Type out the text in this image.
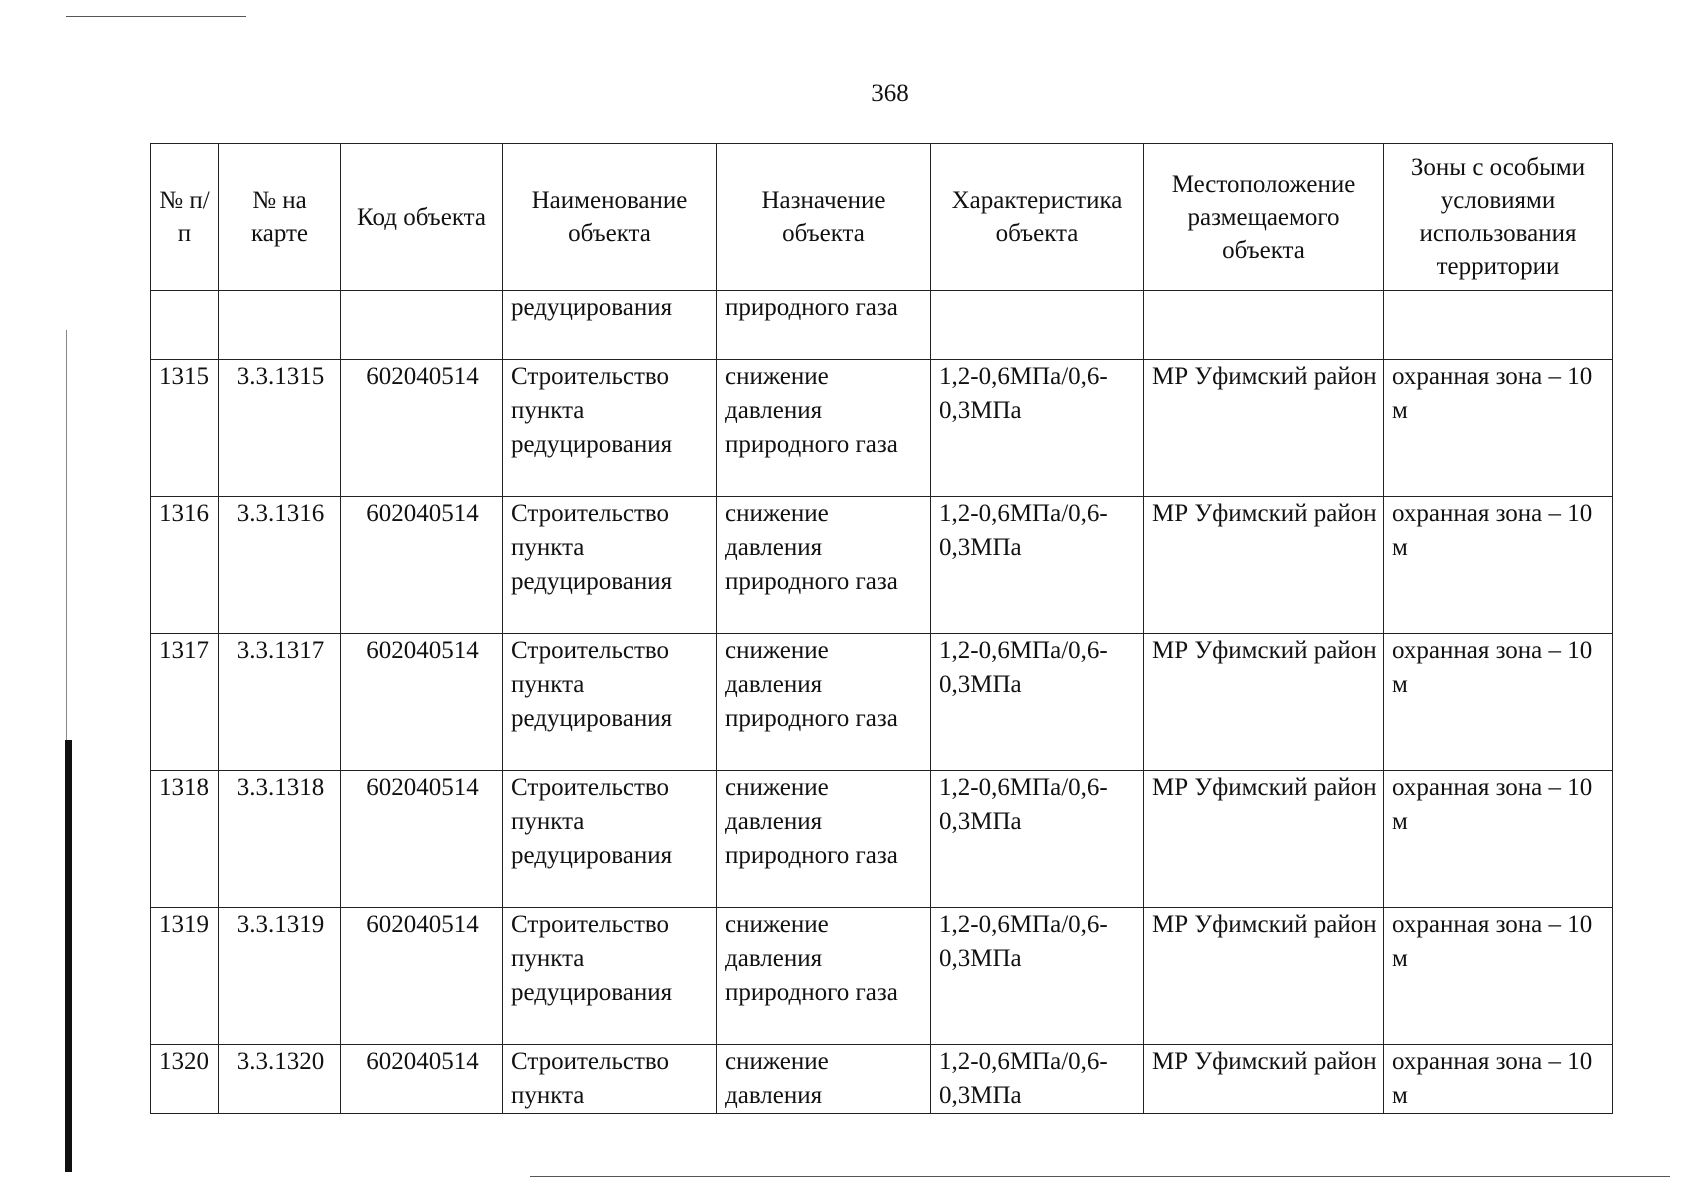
368
№ п/п	№ на карте	Код объекта	Наименование объекта	Назначение объекта	Характеристика объекта	Местоположение размещаемого объекта	Зоны с особыми условиями использования территории
			редуцирования	природного газа			
1315	3.3.1315	602040514	Строительство пункта редуцирования	снижение давления природного газа	1,2-0,6МПа/0,6-0,3МПа	МР Уфимский район	охранная зона – 10 м
1316	3.3.1316	602040514	Строительство пункта редуцирования	снижение давления природного газа	1,2-0,6МПа/0,6-0,3МПа	МР Уфимский район	охранная зона – 10 м
1317	3.3.1317	602040514	Строительство пункта редуцирования	снижение давления природного газа	1,2-0,6МПа/0,6-0,3МПа	МР Уфимский район	охранная зона – 10 м
1318	3.3.1318	602040514	Строительство пункта редуцирования	снижение давления природного газа	1,2-0,6МПа/0,6-0,3МПа	МР Уфимский район	охранная зона – 10 м
1319	3.3.1319	602040514	Строительство пункта редуцирования	снижение давления природного газа	1,2-0,6МПа/0,6-0,3МПа	МР Уфимский район	охранная зона – 10 м
1320	3.3.1320	602040514	Строительство пункта	снижение давления	1,2-0,6МПа/0,6-0,3МПа	МР Уфимский район	охранная зона – 10 м
